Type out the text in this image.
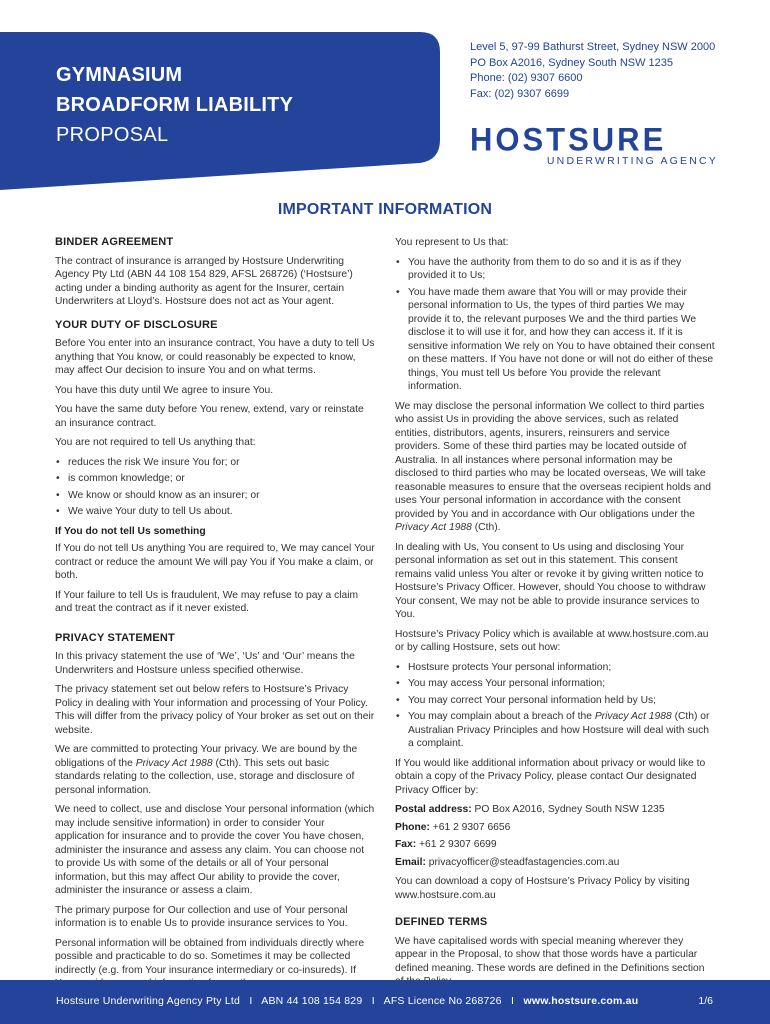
GYMNASIUM
BROADFORM LIABILITY
PROPOSAL
Level 5, 97-99 Bathurst Street, Sydney NSW 2000
PO Box A2016, Sydney South NSW 1235
Phone: (02) 9307 6600
Fax: (02) 9307 6699
HOSTSURE
UNDERWRITING AGENCY
IMPORTANT INFORMATION
BINDER AGREEMENT

The contract of insurance is arranged by Hostsure Underwriting Agency Pty Ltd (ABN 44 108 154 829, AFSL 268726) (‘Hostsure’) acting under a binding authority as agent for the Insurer, certain Underwriters at Lloyd’s. Hostsure does not act as Your agent.

YOUR DUTY OF DISCLOSURE

Before You enter into an insurance contract, You have a duty to tell Us anything that You know, or could reasonably be expected to know, may affect Our decision to insure You and on what terms.

You have this duty until We agree to insure You.

You have the same duty before You renew, extend, vary or reinstate an insurance contract.

You are not required to tell Us anything that:

• reduces the risk We insure You for; or
• is common knowledge; or
• We know or should know as an insurer; or
• We waive Your duty to tell Us about.
If You do not tell Us something

If You do not tell Us anything You are required to, We may cancel Your contract or reduce the amount We will pay You if You make a claim, or both.

If Your failure to tell Us is fraudulent, We may refuse to pay a claim and treat the contract as if it never existed.

PRIVACY STATEMENT

In this privacy statement the use of ‘We’, ‘Us’ and ‘Our’ means the Underwriters and Hostsure unless specified otherwise.

The privacy statement set out below refers to Hostsure’s Privacy Policy in dealing with Your information and processing of Your Policy. This will differ from the privacy policy of Your broker as set out on their website.

We are committed to protecting Your privacy. We are bound by the obligations of the Privacy Act 1988 (Cth). This sets out basic standards relating to the collection, use, storage and disclosure of personal information.

We need to collect, use and disclose Your personal information (which may include sensitive information) in order to consider Your application for insurance and to provide the cover You have chosen, administer the insurance and assess any claim. You can choose not to provide Us with some of the details or all of Your personal information, but this may affect Our ability to provide the cover, administer the insurance or assess a claim.

The primary purpose for Our collection and use of Your personal information is to enable Us to provide insurance services to You.

Personal information will be obtained from individuals directly where possible and practicable to do so. Sometimes it may be collected indirectly (e.g. from Your insurance intermediary or co-insureds). If

You represent to Us that:

• You have the authority from them to do so and it is as if they provided it to Us;
• You have made them aware that You will or may provide their personal information to Us, the types of third parties We may provide it to, the relevant purposes We and the third parties We disclose it to will use it for, and how they can access it. If it is sensitive information We rely on You to have obtained their consent on these matters. If You have not done or will not do either of these things, You must tell Us before You provide the relevant information.

We may disclose the personal information We collect to third parties who assist Us in providing the above services, such as related entities, distributors, agents, insurers, reinsurers and service providers. Some of these third parties may be located outside of Australia. In all instances where personal information may be disclosed to third parties who may be located overseas, We will take reasonable measures to ensure that the overseas recipient holds and uses Your personal information in accordance with the consent provided by You and in accordance with Our obligations under the Privacy Act 1988 (Cth).

In dealing with Us, You consent to Us using and disclosing Your personal information as set out in this statement. This consent remains valid unless You alter or revoke it by giving written notice to Hostsure’s Privacy Officer. However, should You choose to withdraw Your consent, We may not be able to provide insurance services to You.

Hostsure’s Privacy Policy which is available at www.hostsure.com.au or by calling Hostsure, sets out how:

• Hostsure protects Your personal information;
• You may access Your personal information;
• You may correct Your personal information held by Us;
• You may complain about a breach of the Privacy Act 1988 (Cth) or Australian Privacy Principles and how Hostsure will deal with such a complaint.

If You would like additional information about privacy or would like to obtain a copy of the Privacy Policy, please contact Our designated Privacy Officer by:

Postal address: PO Box A2016, Sydney South NSW 1235

Phone: +61 2 9307 6656

Fax: +61 2 9307 6699

Email: privacyofficer@steadfastagencies.com.au

You can download a copy of Hostsure’s Privacy Policy by visiting www.hostsure.com.au

DEFINED TERMS

We have capitalised words with special meaning wherever they appear in the Proposal, to show that those words have a particular defined meaning. These words are defined in the Definitions section

Hostsure Underwriting Agency Pty Ltd   I   ABN 44 108 154 829   I   AFS Licence No 268726   I   www.hostsure.com.au	1/6
